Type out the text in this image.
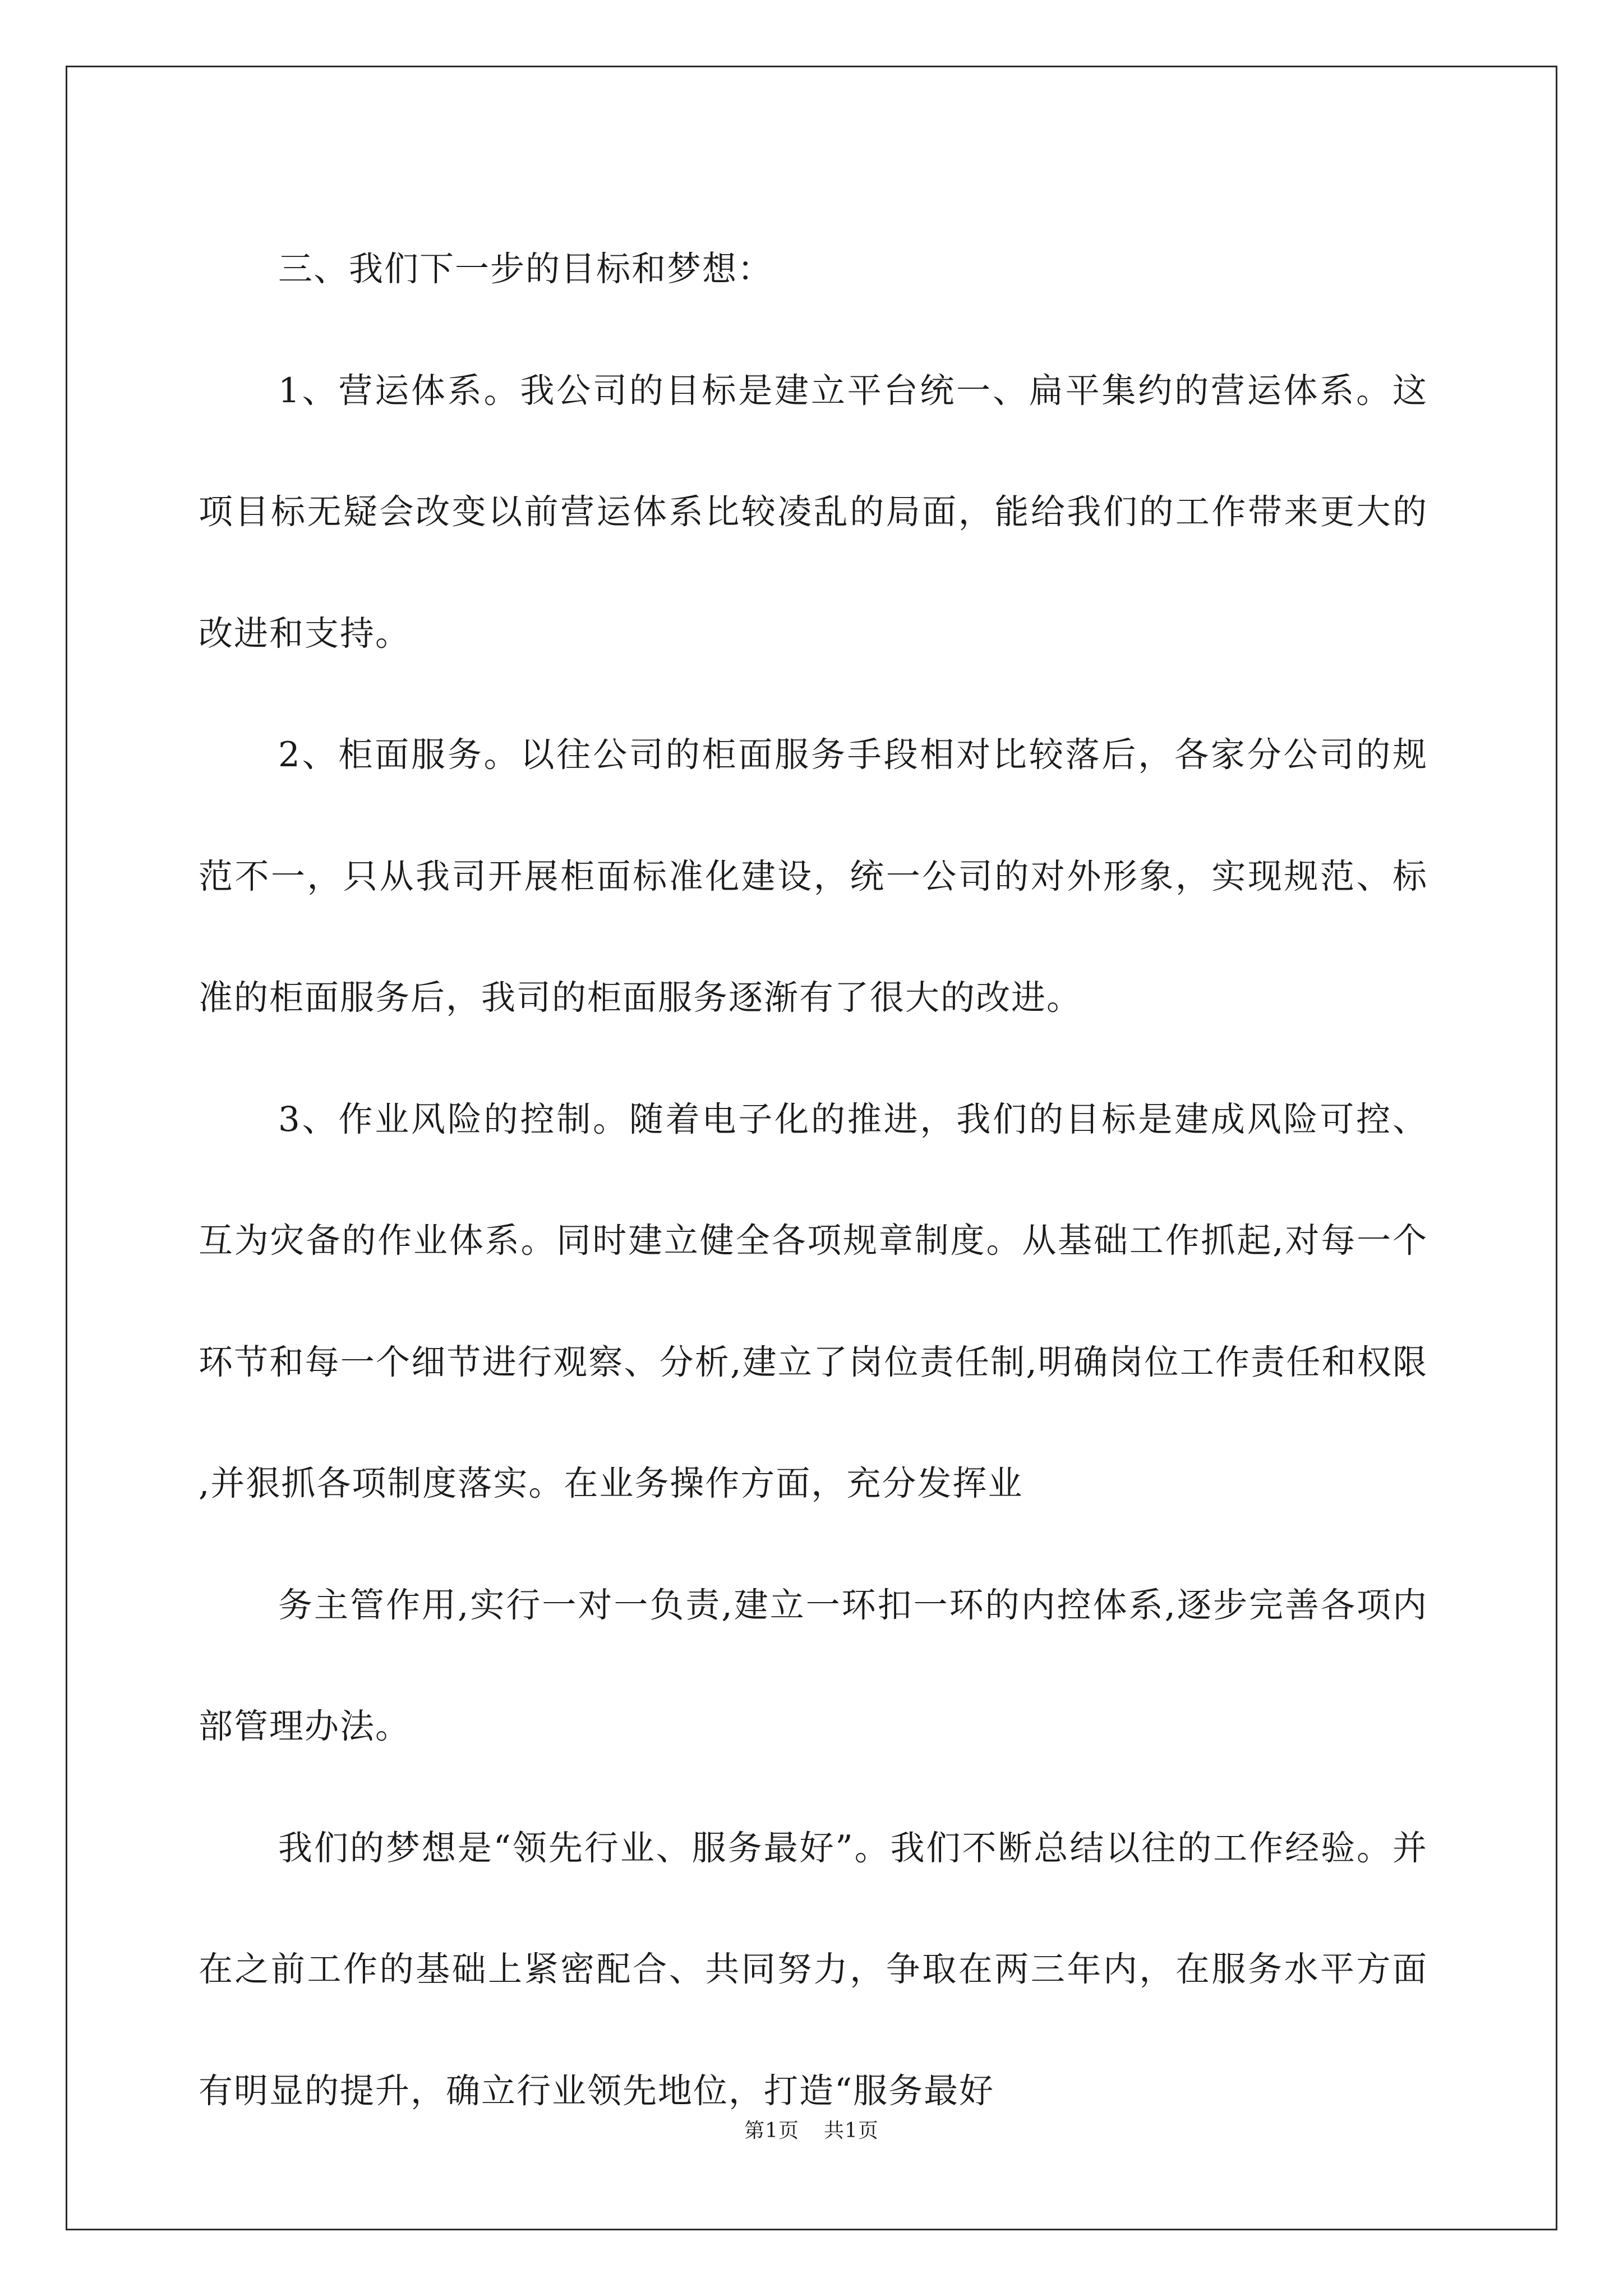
三、我们下一步的目标和梦想：

1、营运体系。我公司的目标是建立平台统一、扁平集约的营运体系。这项目标无疑会改变以前营运体系比较凌乱的局面，能给我们的工作带来更大的改进和支持。

2、柜面服务。以往公司的柜面服务手段相对比较落后，各家分公司的规范不一，只从我司开展柜面标准化建设，统一公司的对外形象，实现规范、标准的柜面服务后，我司的柜面服务逐渐有了很大的改进。

3、作业风险的控制。随着电子化的推进，我们的目标是建成风险可控、互为灾备的作业体系。同时建立健全各项规章制度。从基础工作抓起,对每一个环节和每一个细节进行观察、分析,建立了岗位责任制,明确岗位工作责任和权限,并狠抓各项制度落实。在业务操作方面，充分发挥业

务主管作用,实行一对一负责,建立一环扣一环的内控体系,逐步完善各项内部管理办法。

我们的梦想是“领先行业、服务最好”。我们不断总结以往的工作经验。并在之前工作的基础上紧密配合、共同努力，争取在两三年内，在服务水平方面有明显的提升，确立行业领先地位，打造“服务最好

第1页 共1页
